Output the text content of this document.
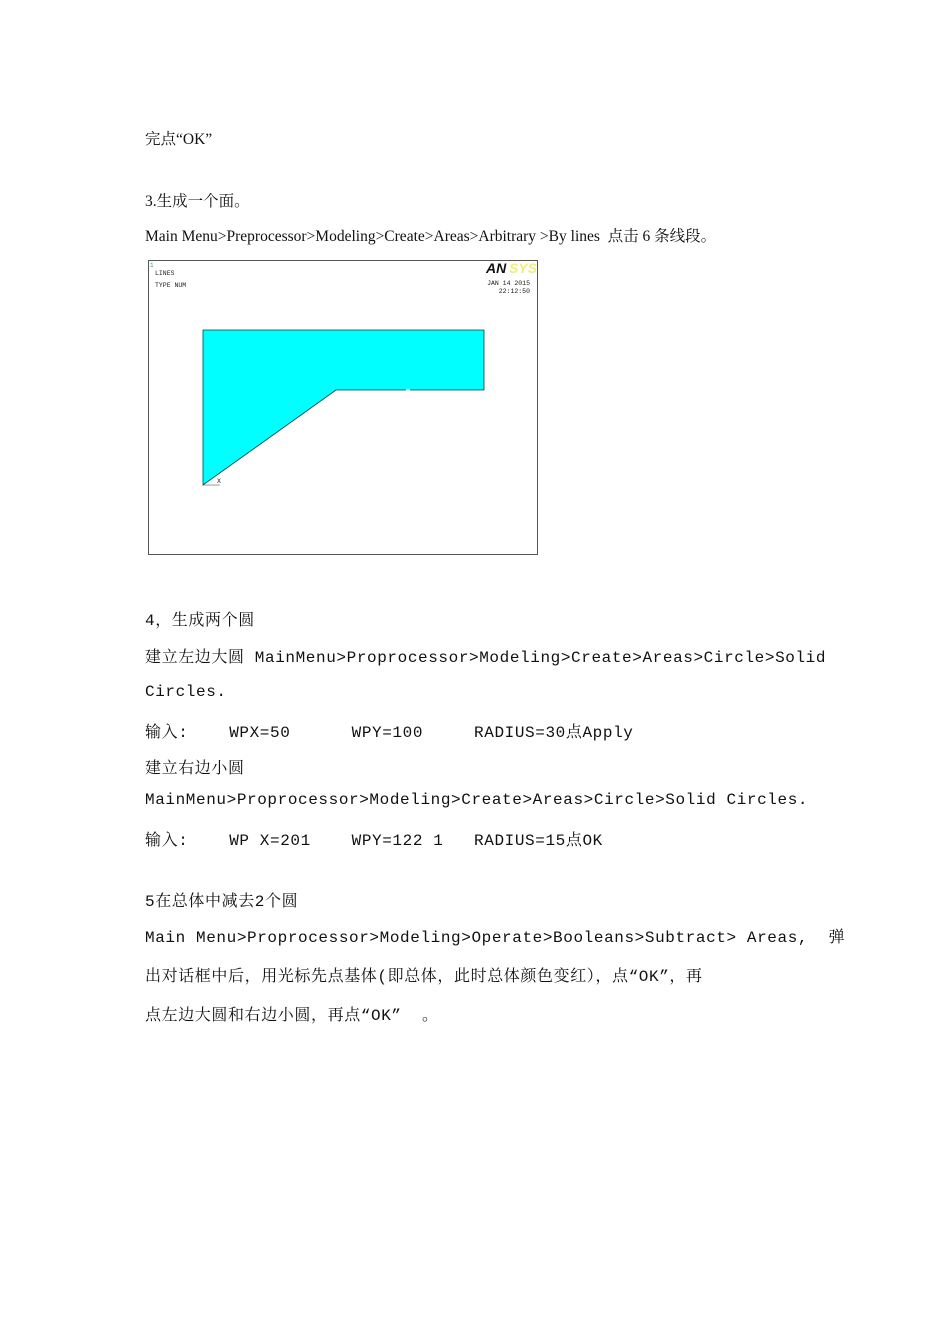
完点“OK”
3.生成一个面。
Main Menu>Preprocessor>Modeling>Create>Areas>Arbitrary >By lines  点击 6 条线段。
1
LINES
TYPE NUM
AN SYS
JAN 14 2015
22:12:50
X
4，生成两个圆
建立左边大圆 MainMenu>Proprocessor>Modeling>Create>Areas>Circle>Solid
Circles.
输入:    WPX=50      WPY=100     RADIUS=30点Apply
建立右边小圆
MainMenu>Proprocessor>Modeling>Create>Areas>Circle>Solid Circles.
输入:    WP X=201    WPY=122 1   RADIUS=15点OK
5在总体中减去2个圆
Main Menu>Proprocessor>Modeling>Operate>Booleans>Subtract> Areas,  弹
出对话框中后，用光标先点基体(即总体，此时总体颜色变红），点“OK”，再
点左边大圆和右边小圆，再点“OK”  。
